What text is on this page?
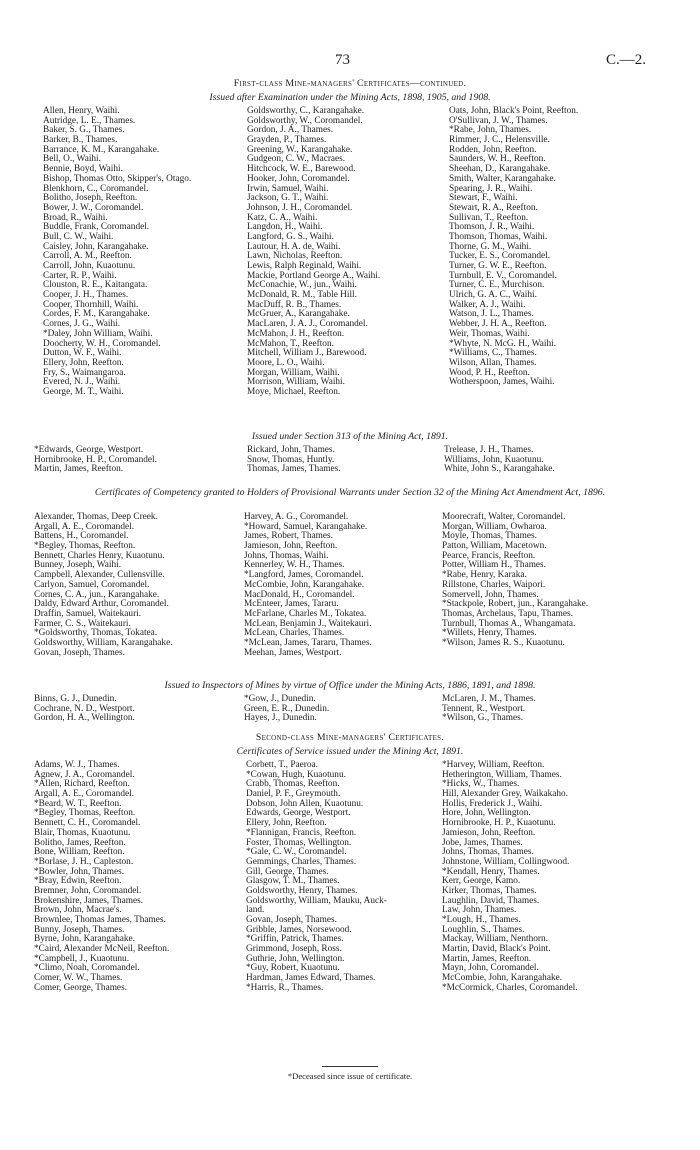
73	C.—2.
First-class Mine-managers' Certificates—continued.
Issued after Examination under the Mining Acts, 1898, 1905, and 1908.
Allen, Henry, Waihi.
Autridge, L. E., Thames.
Baker, S. G., Thames.
Barker, B., Thames.
Barrance, K. M., Karangahake.
Bell, O., Waihi.
Bennie, Boyd, Waihi.
Bishop, Thomas Otto, Skipper's, Otago.
Blenkhorn, C., Coromandel.
Bolitho, Joseph, Reefton.
Bower, J. W., Coromandel.
Broad, R., Waihi.
Buddle, Frank, Coromandel.
Bull, C. W., Waihi.
Caisley, John, Karangahake.
Carroll, A. M., Reefton.
Carroll, John, Kuaotunu.
Carter, R. P., Waihi.
Clouston, R. E., Kaitangata.
Cooper, J. H., Thames.
Cooper, Thornhill, Waihi.
Cordes, F. M., Karangahake.
Cornes, J. G., Waihi.
*Daley, John William, Waihi.
Doocherty, W. H., Coromandel.
Dutton, W. F., Waihi.
Ellery, John, Reefton.
Fry, S., Waimangaroa.
Evered, N. J., Waihi.
George, M. T., Waihi.
Goldsworthy, C., Karangahake.
Goldsworthy, W., Coromandel.
Gordon, J. A., Thames.
Grayden, P., Thames.
Greening, W., Karangahake.
Gudgeon, C. W., Macraes.
Hitchcock, W. E., Barewood.
Hooker, John, Coromandel.
Irwin, Samuel, Waihi.
Jackson, G. T., Waihi.
Johnson, J. H., Coromandel.
Katz, C. A., Waihi.
Langdon, H., Waihi.
Langford, G. S., Waihi.
Lautour, H. A. de, Waihi.
Lawn, Nicholas, Reefton.
Lewis, Ralph Reginald, Waihi.
Mackie, Portland George A., Waihi.
McConachie, W., jun., Waihi.
McDonald, R. M., Table Hill.
MacDuff, R. B., Thames.
McGruer, A., Karangahake.
MacLaren, J. A. J., Coromandel.
McMahon, J. H., Reefton.
McMahon, T., Reefton.
Mitchell, William J., Barewood.
Moore, L. O., Waihi.
Morgan, William, Waihi.
Morrison, William, Waihi.
Moye, Michael, Reefton.
Oats, John, Black's Point, Reefton.
O'Sullivan, J. W., Thames.
*Rabe, John, Thames.
Rimmer, J. C., Helensville.
Rodden, John, Reefton.
Saunders, W. H., Reefton.
Sheehan, D., Karangahake.
Smith, Walter, Karangahake.
Spearing, J. R., Waihi.
Stewart, F., Waihi.
Stewart, R. A., Reefton.
Sullivan, T., Reefton.
Thomson, J. R., Waihi.
Thomson, Thomas, Waihi.
Thorne, G. M., Waihi.
Tucker, E. S., Coromandel.
Turner, G. W. E., Reefton.
Turnbull, E. V., Coromandel.
Turner, C. E., Murchison.
Ulrich, G. A. C., Waihi.
Walker, A. J., Waihi.
Watson, J. L., Thames.
Webber, J. H. A., Reefton.
Weir, Thomas, Waihi.
*Whyte, N. McG. H., Waihi.
*Williams, C., Thames.
Wilson, Allan, Thames.
Wood, P. H., Reefton.
Wotherspoon, James, Waihi.
Issued under Section 313 of the Mining Act, 1891.
*Edwards, George, Westport.
Hornibrooke, H. P., Coromandel.
Martin, James, Reefton.
Rickard, John, Thames.
Snow, Thomas, Huntly.
Thomas, James, Thames.
Trelease, J. H., Thames.
Williams, John, Kuaotunu.
White, John S., Karangahake.
Certificates of Competency granted to Holders of Provisional Warrants under Section 32 of the Mining Act Amendment Act, 1896.
Alexander, Thomas, Deep Creek.
Argall, A. E., Coromandel.
Battens, H., Coromandel.
*Begley, Thomas, Reefton.
Bennett, Charles Henry, Kuaotunu.
Bunney, Joseph, Waihi.
Campbell, Alexander, Cullensville.
Carlyon, Samuel, Coromandel.
Cornes, C. A., jun., Karangahake.
Daldy, Edward Arthur, Coromandel.
Draffin, Samuel, Waitekauri.
Farmer, C. S., Waitekauri.
*Goldsworthy, Thomas, Tokatea.
Goldsworthy, William, Karangahake.
Govan, Joseph, Thames.
Harvey, A. G., Coromandel.
*Howard, Samuel, Karangahake.
James, Robert, Thames.
Jamieson, John, Reefton.
Johns, Thomas, Waihi.
Kennerley, W. H., Thames.
*Langford, James, Coromandel.
McCombie, John, Karangahake.
MacDonald, H., Coromandel.
McEnteer, James, Tararu.
McFarlane, Charles M., Tokatea.
McLean, Benjamin J., Waitekauri.
McLean, Charles, Thames.
*McLean, James, Tararu, Thames.
Meehan, James, Westport.
Moorecraft, Walter, Coromandel.
Morgan, William, Owharoa.
Moyle, Thomas, Thames.
Patton, William, Macetown.
Pearce, Francis, Reefton.
Potter, William H., Thames.
*Rabe, Henry, Karaka.
Rillstone, Charles, Waipori.
Somervell, John, Thames.
*Stackpole, Robert, jun., Karangahake.
Thomas, Archelaus, Tapu, Thames.
Turnbull, Thomas A., Whangamata.
*Willets, Henry, Thames.
*Wilson, James R. S., Kuaotunu.
Issued to Inspectors of Mines by virtue of Office under the Mining Acts, 1886, 1891, and 1898.
Binns, G. J., Dunedin.
Cochrane, N. D., Westport.
Gordon, H. A., Wellington.
*Gow, J., Dunedin.
Green, E. R., Dunedin.
Hayes, J., Dunedin.
McLaren, J. M., Thames.
Tennent, R., Westport.
*Wilson, G., Thames.
Second-class Mine-managers' Certificates.
Certificates of Service issued under the Mining Act, 1891.
Adams, W. J., Thames.
Agnew, J. A., Coromandel.
*Allen, Richard, Reefton.
Argall, A. E., Coromandel.
*Beard, W. T., Reefton.
*Begley, Thomas, Reefton.
Bennett, C. H., Coromandel.
Blair, Thomas, Kuaotunu.
Bolitho, James, Reefton.
Bone, William, Reefton.
*Borlase, J. H., Capleston.
*Bowler, John, Thames.
*Bray, Edwin, Reefton.
Bremner, John, Coromandel.
Brokenshire, James, Thames.
Brown, John, Macrae's.
Brownlee, Thomas James, Thames.
Bunny, Joseph, Thames.
Byrne, John, Karangahake.
*Caird, Alexander McNeil, Reefton.
*Campbell, J., Kuaotunu.
*Climo, Noah, Coromandel.
Comer, W. W., Thames.
Comer, George, Thames.
Corbett, T., Paeroa.
*Cowan, Hugh, Kuaotunu.
Crabb, Thomas, Reefton.
Daniel, P. F., Greymouth.
Dobson, John Allen, Kuaotunu.
Edwards, George, Westport.
Ellery, John, Reefton.
*Flannigan, Francis, Reefton.
Foster, Thomas, Wellington.
*Gale, C. W., Coromandel.
Gemmings, Charles, Thames.
Gill, George, Thames.
Glasgow, T. M., Thames.
Goldsworthy, Henry, Thames.
Goldsworthy, William, Mauku, Auck-
land.
Govan, Joseph, Thames.
Gribble, James, Norsewood.
*Griffin, Patrick, Thames.
Grimmond, Joseph, Ross.
Guthrie, John, Wellington.
*Guy, Robert, Kuaotunu.
Hardman, James Edward, Thames.
*Harris, R., Thames.
*Harvey, William, Reefton.
Hetherington, William, Thames.
*Hicks, W., Thames.
Hill, Alexander Grey, Waikakaho.
Hollis, Frederick J., Waihi.
Hore, John, Wellington.
Hornibrooke, H. P., Kuaotunu.
Jamieson, John, Reefton.
Jobe, James, Thames.
Johns, Thomas, Thames.
Johnstone, William, Collingwood.
*Kendall, Henry, Thames.
Kerr, George, Kamo.
Kirker, Thomas, Thames.
Laughlin, David, Thames.
Law, John, Thames.
*Lough, H., Thames.
Loughlin, S., Thames.
Mackay, William, Nenthorn.
Martin, David, Black's Point.
Martin, James, Reefton.
Mayn, John, Coromandel.
McCombie, John, Karangahake.
*McCormick, Charles, Coromandel.
*Deceased since issue of certificate.
